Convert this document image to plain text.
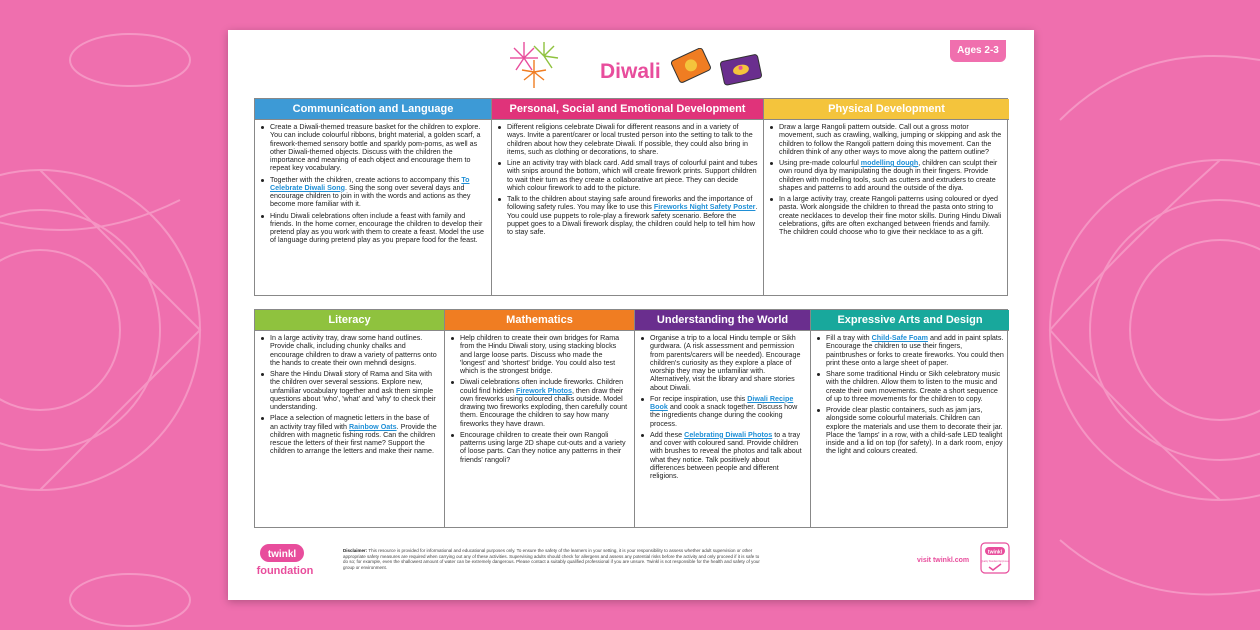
Ages 2-3
Diwali
Communication and Language
Create a Diwali-themed treasure basket for the children to explore. You can include colourful ribbons, bright material, a golden scarf, a firework-themed sensory bottle and sparkly pom-poms, as well as other Diwali-themed objects. Discuss with the children the importance and meaning of each object and encourage them to repeat key vocabulary.
Together with the children, create actions to accompany this To Celebrate Diwali Song. Sing the song over several days and encourage children to join in with the words and actions as they become more familiar with it.
Hindu Diwali celebrations often include a feast with family and friends. In the home corner, encourage the children to develop their pretend play as you work with them to create a feast. Model the use of language during pretend play as you prepare food for the feast.
Personal, Social and Emotional Development
Different religions celebrate Diwali for different reasons and in a variety of ways. Invite a parent/carer or local trusted person into the setting to talk to the children about how they celebrate Diwali. If possible, they could also bring in items, such as clothing or decorations, to share.
Line an activity tray with black card. Add small trays of colourful paint and tubes with snips around the bottom, which will create firework prints. Support children to wait their turn as they create a collaborative art piece. They can decide which colour firework to add to the picture.
Talk to the children about staying safe around fireworks and the importance of following safety rules. You may like to use this Fireworks Night Safety Poster. You could use puppets to role-play a firework safety scenario. Before the puppet goes to a Diwali firework display, the children could help to tell him how to stay safe.
Physical Development
Draw a large Rangoli pattern outside. Call out a gross motor movement, such as crawling, walking, jumping or skipping and ask the children to follow the Rangoli pattern doing this movement. Can the children think of any other ways to move along the pattern outline?
Using pre-made colourful modelling dough, children can sculpt their own round diya by manipulating the dough in their fingers. Provide children with modelling tools, such as cutters and extruders to create shapes and patterns to add around the outside of the diya.
In a large activity tray, create Rangoli patterns using coloured or dyed pasta. Work alongside the children to thread the pasta onto string to create necklaces to develop their fine motor skills. During Hindu Diwali celebrations, gifts are often exchanged between friends and family. The children could choose who to give their necklace to as a gift.
Literacy
In a large activity tray, draw some hand outlines. Provide chalk, including chunky chalks and encourage children to draw a variety of patterns onto the hands to create their own mehndi designs.
Share the Hindu Diwali story of Rama and Sita with the children over several sessions. Explore new, unfamiliar vocabulary together and ask them simple questions about 'who', 'what' and 'why' to check their understanding.
Place a selection of magnetic letters in the base of an activity tray filled with Rainbow Oats. Provide the children with magnetic fishing rods. Can the children rescue the letters of their first name? Support the children to arrange the letters and make their name.
Mathematics
Help children to create their own bridges for Rama from the Hindu Diwali story, using stacking blocks and large loose parts. Discuss who made the 'longest' and 'shortest' bridge. You could also test which is the strongest bridge.
Diwali celebrations often include fireworks. Children could find hidden Firework Photos, then draw their own fireworks using coloured chalks outside. Model drawing two fireworks exploding, then carefully count them. Encourage the children to say how many fireworks they have drawn.
Encourage children to create their own Rangoli patterns using large 2D shape cut-outs and a variety of loose parts. Can they notice any patterns in their friends' rangoli?
Understanding the World
Organise a trip to a local Hindu temple or Sikh gurdwara. (A risk assessment and permission from parents/carers will be needed). Encourage children's curiosity as they explore a place of worship they may be unfamiliar with. Alternatively, visit the library and share stories about Diwali.
For recipe inspiration, use this Diwali Recipe Book and cook a snack together. Discuss how the ingredients change during the cooking process.
Add these Celebrating Diwali Photos to a tray and cover with coloured sand. Provide children with brushes to reveal the photos and talk about what they notice. Talk positively about differences between people and different religions.
Expressive Arts and Design
Fill a tray with Child-Safe Foam and add in paint splats. Encourage the children to use their fingers, paintbrushes or forks to create fireworks. You could then print these onto a large sheet of paper.
Share some traditional Hindu or Sikh celebratory music with the children. Allow them to listen to the music and create their own movements. Create a short sequence of up to three movements for the children to copy.
Provide clear plastic containers, such as jam jars, alongside some colourful materials. Children can explore the materials and use them to decorate their jar. Place the 'lamps' in a row, with a child-safe LED tealight inside and a lid on top (for safety). In a dark room, enjoy the light and colours created.
twinkl
foundation
Disclaimer: This resource is provided for informational and educational purposes only. To ensure the safety of the learners in your setting, it is your responsibility to assess whether adult supervision or other appropriate safety measures are required when carrying out any of these activities. Supervising adults should check for allergens and assess any potential risks before the activity and only proceed if it is safe to do so; for example, even the shallowest amount of water can be extremely dangerous. Please contact a suitably qualified professional if you are unsure. Twinkl is not responsible for the health and safety of your group or environment.
visit twinkl.com
twinkl
Quality Standard Approved
